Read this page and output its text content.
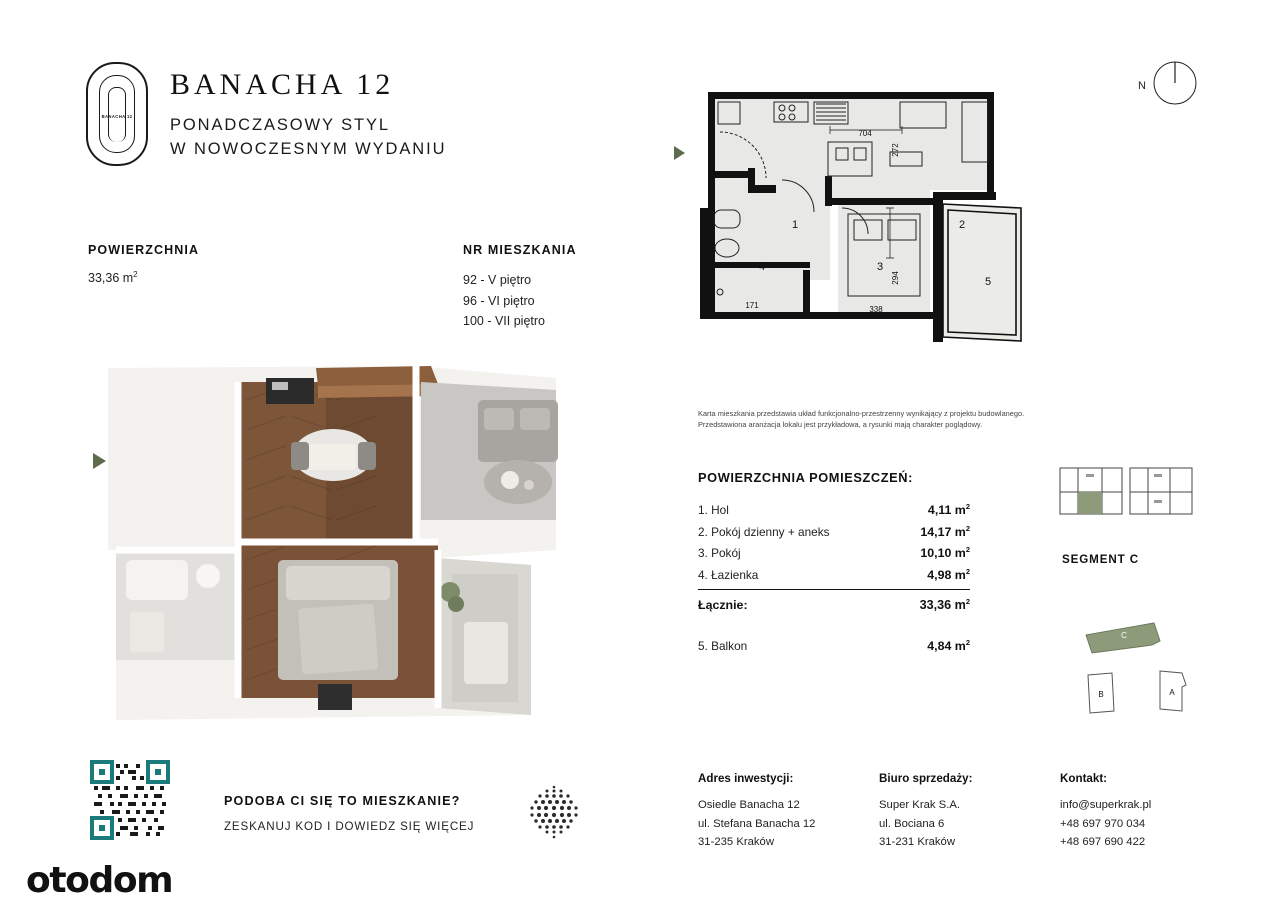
BANACHA 12
BANACHA 12
PONADCZASOWY STYL
W NOWOCZESNYM WYDANIU
POWIERZCHNIA
33,36 $m^2$
NR MIESZKANIA
92 - V piętro
96 - VI piętro
100 - VII piętro
PODOBA CI SIĘ TO MIESZKANIE?
ZESKANUJ KOD I DOWIEDZ SIĘ WIĘCEJ
otodom
1	2
3
4
5
704
272
294
338
171
N
Karta mieszkania przedstawia układ funkcjonalno-przestrzenny wynikający z projektu budowlanego.
Przedstawiona aranżacja lokalu jest przykładowa, a rysunki mają charakter poglądowy.
POWIERZCHNIA POMIESZCZEŃ:
1. Hol	4,11 $m^2$
2. Pokój dzienny + aneks	14,17 $m^2$
3. Pokój	10,10 $m^2$
4. Łazienka	4,98 $m^2$
Łącznie:	33,36 $m^2$
5. Balkon	4,84 $m^2$
SEGMENT C
C
B	A
Adres inwestycji:
Osiedle Banacha 12
ul. Stefana Banacha 12
31-235 Kraków
Biuro sprzedaży:
Super Krak S.A.
ul. Bociana 6
31-231 Kraków
Kontakt:
info@superkrak.pl
+48 697 970 034
+48 697 690 422
